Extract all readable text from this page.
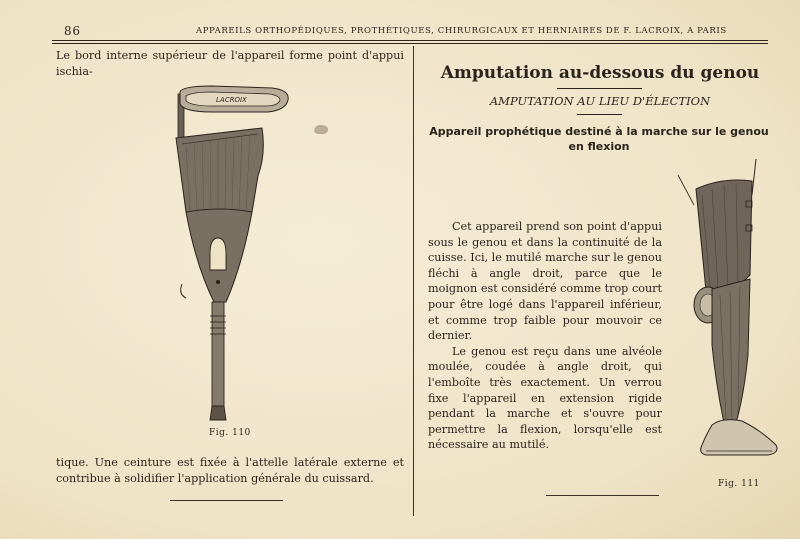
86	APPAREILS ORTHOPÉDIQUES, PROTHÉTIQUES, CHIRURGICAUX ET HERNIAIRES DE F. LACROIX, A PARIS
Le bord interne supérieur de l'appareil forme point d'appui ischia-
LACROIX
Fig. 110
tique. Une ceinture est fixée à l'attelle latérale externe et contribue à solidifier l'application générale du cuissard.
Amputation au-dessous du genou
AMPUTATION AU LIEU D'ÉLECTION
Appareil prophétique destiné à la marche sur le genou en flexion

Cet appareil prend son point d'appui sous le genou et dans la continuité de la cuisse. Ici, le mutilé marche sur le genou fléchi à angle droit, parce que le moignon est considéré comme trop court pour être logé dans l'appareil inférieur, et comme trop faible pour mouvoir ce dernier.

Le genou est reçu dans une alvéole moulée, coudée à angle droit, qui l'emboîte très exactement. Un verrou fixe l'appareil en extension rigide pendant la marche et s'ouvre pour permettre la flexion, lorsqu'elle est nécessaire au mutilé.

Fig. 111
